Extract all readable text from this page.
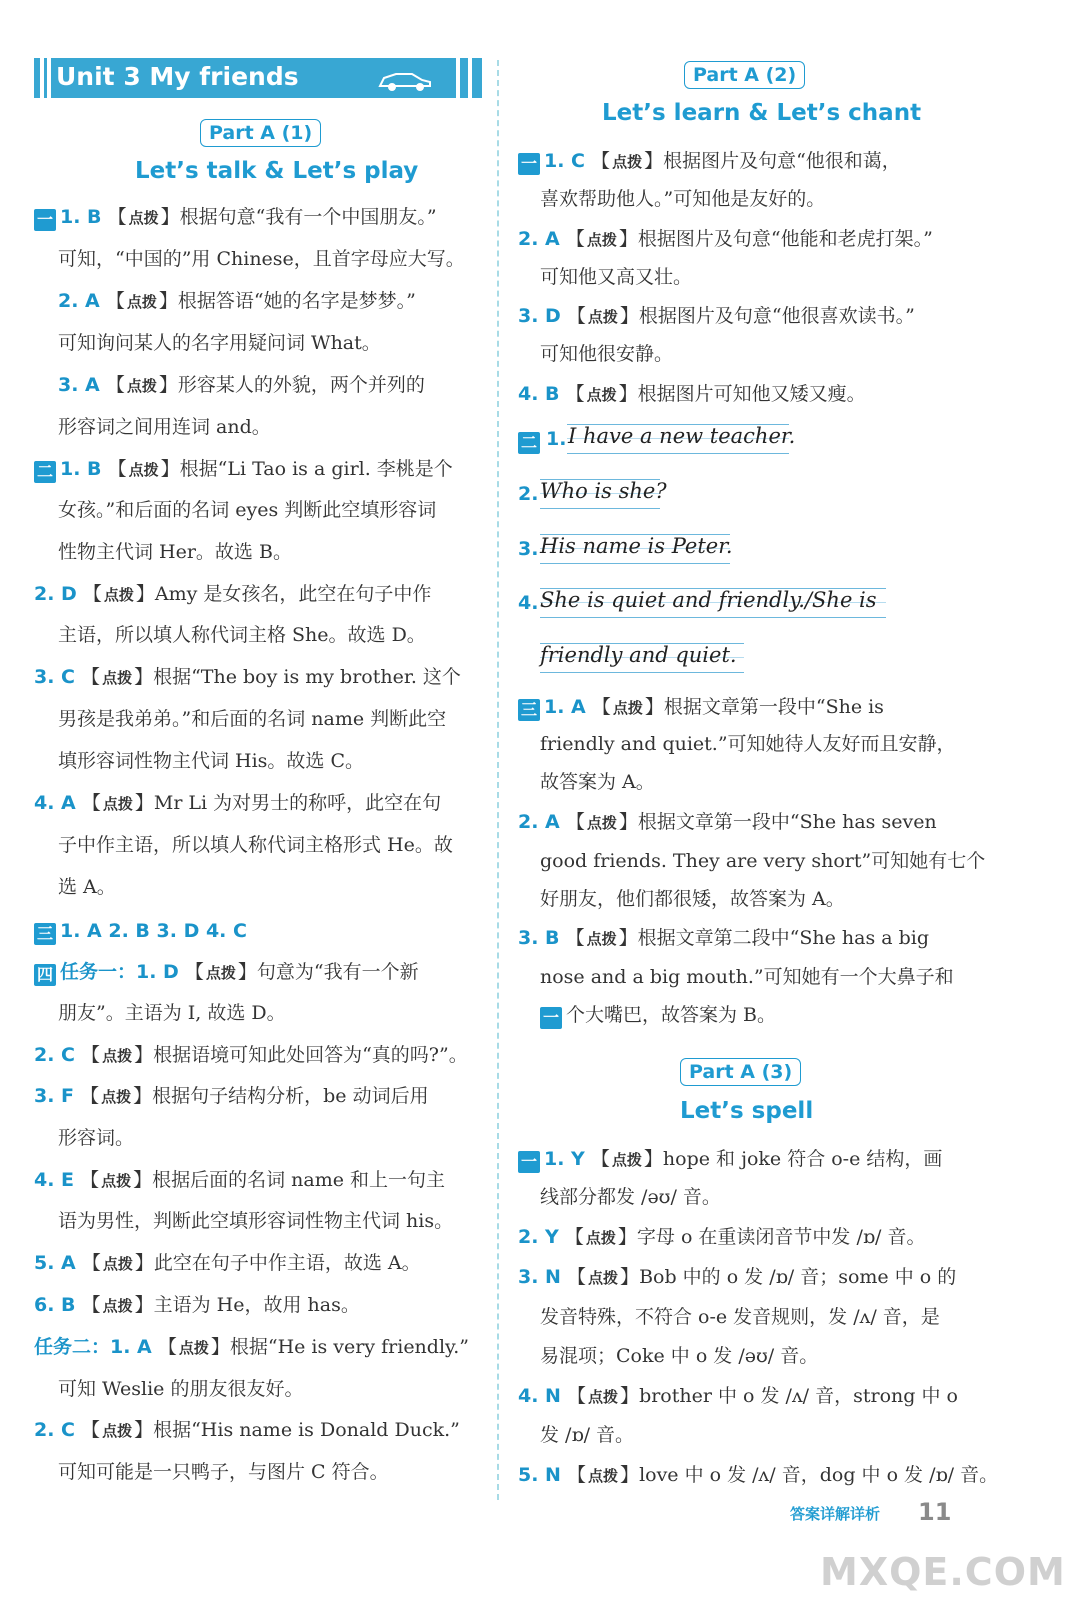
Unit 3 My friends
Part A (1)
Let’s talk & Let’s play
一 1. B 【 点拨 】根据句意“我有一个中国朋友。”
可知，“中国的”用 Chinese，且首字母应大写。
2. A 【 点拨 】根据答语“她的名字是梦梦。”
可知询问某人的名字用疑问词 What。
3. A 【 点拨 】形容某人的外貌，两个并列的
形容词之间用连词 and。
二 1. B 【 点拨 】根据“Li Tao is a girl. 李桃是个
女孩。”和后面的名词 eyes 判断此空填形容词
性物主代词 Her。故选 B。
2. D 【 点拨 】Amy 是女孩名，此空在句子中作
主语，所以填人称代词主格 She。故选 D。
3. C 【 点拨 】根据“The boy is my brother. 这个
男孩是我弟弟。”和后面的名词 name 判断此空
填形容词性物主代词 His。故选 C。
4. A 【 点拨 】Mr Li 为对男士的称呼，此空在句
子中作主语，所以填人称代词主格形式 He。故
选 A。
三 1. A 2. B 3. D 4. C
四 任务一：1. D 【 点拨 】句意为“我有一个新
朋友”。主语为 I, 故选 D。
2. C 【 点拨 】根据语境可知此处回答为“真的吗?”。
3. F 【 点拨 】根据句子结构分析，be 动词后用
形容词。
4. E 【 点拨 】根据后面的名词 name 和上一句主
语为男性，判断此空填形容词性物主代词 his。
5. A 【 点拨 】此空在句子中作主语，故选 A。
6. B 【 点拨 】主语为 He，故用 has。
任务二：1. A 【 点拨 】根据“He is very friendly.”
可知 Weslie 的朋友很友好。
2. C 【 点拨 】根据“His name is Donald Duck.”
可知可能是一只鸭子，与图片 C 符合。
Part A (2)
Let’s learn & Let’s chant
一 1. C 【 点拨 】根据图片及句意“他很和蔼，
喜欢帮助他人。”可知他是友好的。
2. A 【 点拨 】根据图片及句意“他能和老虎打架。”
可知他又高又壮。
3. D 【 点拨 】根据图片及句意“他很喜欢读书。”
可知他很安静。
4. B 【 点拨 】根据图片可知他又矮又瘦。
三 1. A 【 点拨 】根据文章第一段中“She is
friendly and quiet.”可知她待人友好而且安静，
故答案为 A。
2. A 【 点拨 】根据文章第一段中“She has seven
good friends. They are very short”可知她有七个
好朋友，他们都很矮，故答案为 A。
3. B 【 点拨 】根据文章第二段中“She has a big
nose and a big mouth.”可知她有一个大鼻子和
一 个大嘴巴，故答案为 B。
一 1. Y 【 点拨 】hope 和 joke 符合 o-e 结构，画
线部分都发 /əʊ/ 音。
2. Y 【 点拨 】字母 o 在重读闭音节中发 /ɒ/ 音。
3. N 【 点拨 】Bob 中的 o 发 /ɒ/ 音；some 中 o 的
发音特殊，不符合 o-e 发音规则，发 /ʌ/ 音，是
易混项；Coke 中 o 发 /əʊ/ 音。
4. N 【 点拨 】brother 中 o 发 /ʌ/ 音，strong 中 o
发 /ɒ/ 音。
5. N 【 点拨 】love 中 o 发 /ʌ/ 音，dog 中 o 发 /ɒ/ 音。
二 1. I have a new teacher.
2. Who is she?
3. His name is Peter.
4. She is quiet and friendly./She is
friendly and quiet.
Part A (3)
Let’s spell
答案详解详析 11
MXQE.COM
